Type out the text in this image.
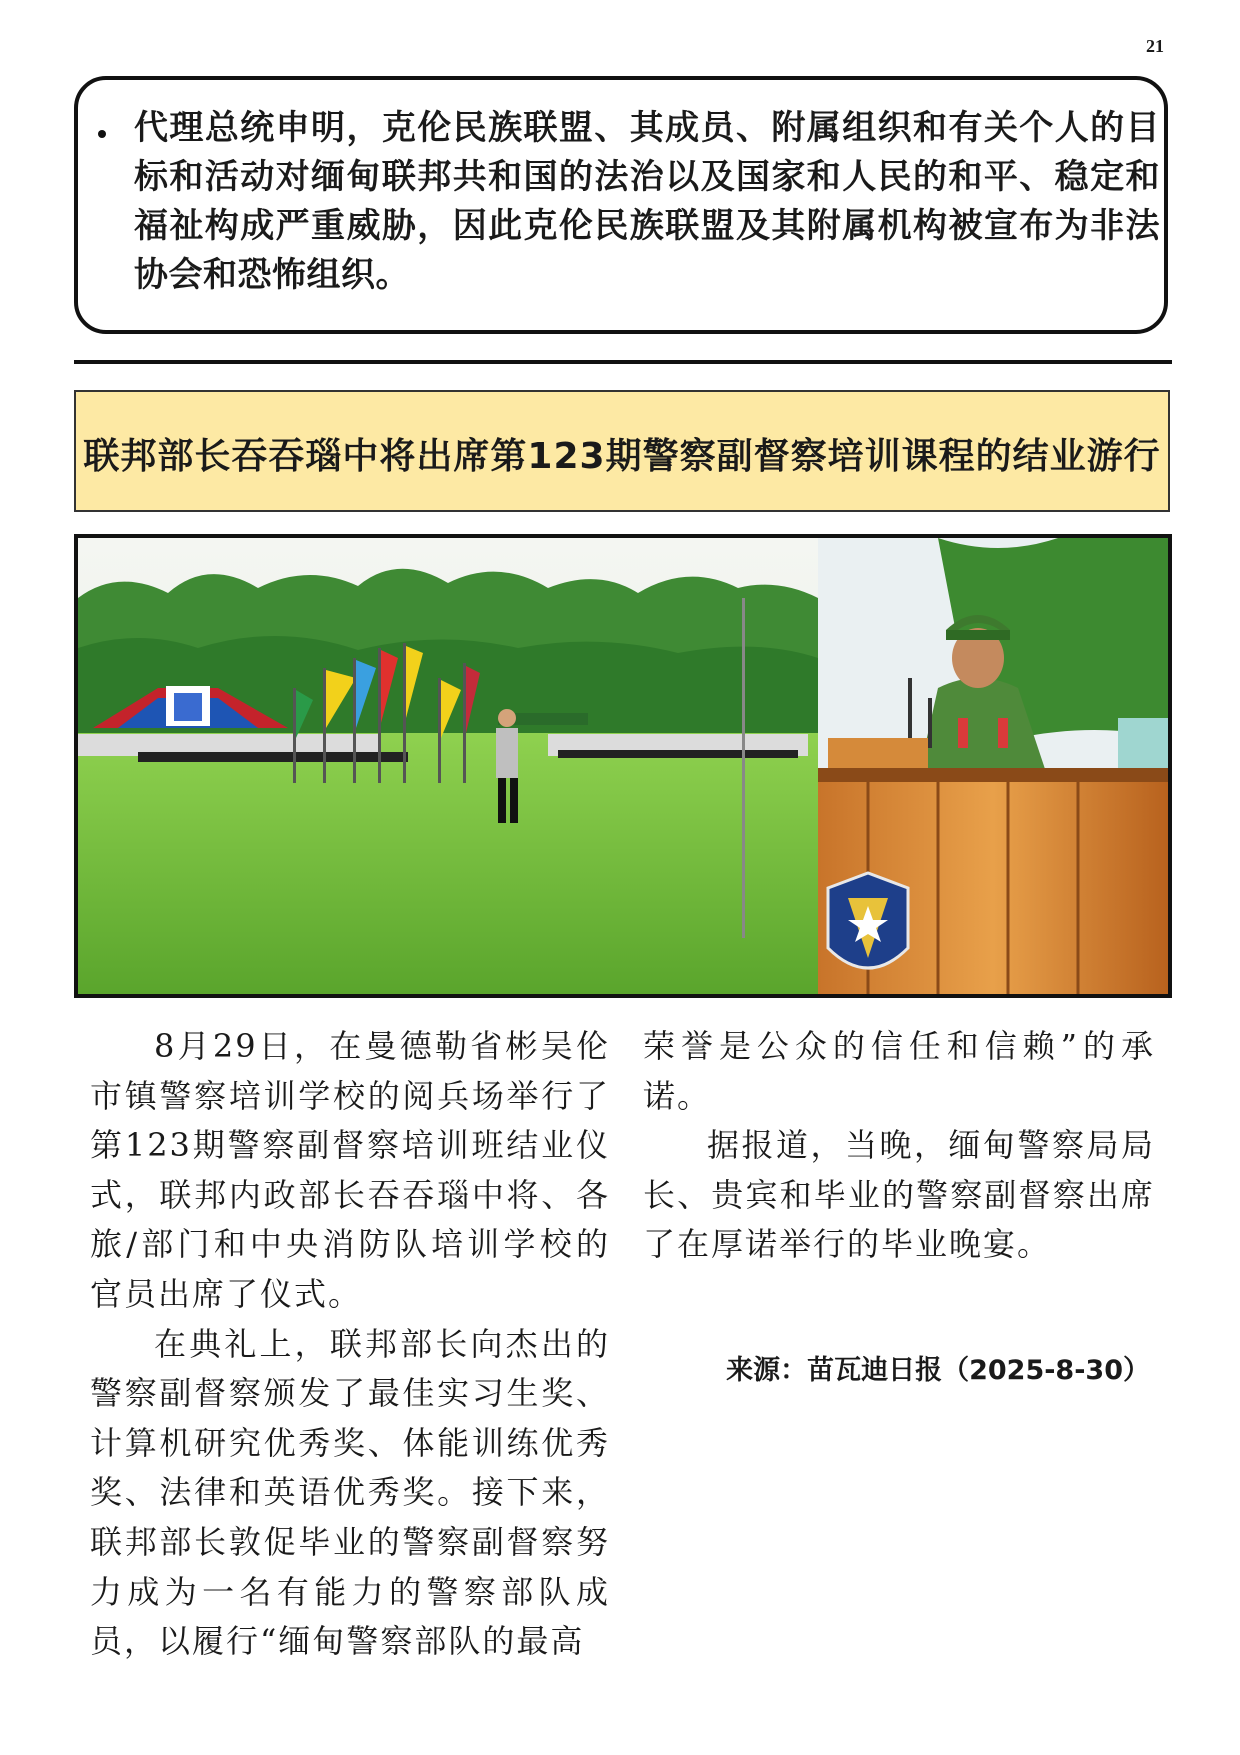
21
代理总统申明，克伦民族联盟、其成员、附属组织和有关个人的目标和活动对缅甸联邦共和国的法治以及国家和人民的和平、稳定和福祉构成严重威胁，因此克伦民族联盟及其附属机构被宣布为非法协会和恐怖组织。
联邦部长吞吞瑙中将出席第123期警察副督察培训课程的结业游行

8月29日，在曼德勒省彬吴伦市镇警察培训学校的阅兵场举行了第123期警察副督察培训班结业仪式，联邦内政部长吞吞瑙中将、各旅/部门和中央消防队培训学校的官员出席了仪式。

在典礼上，联邦部长向杰出的警察副督察颁发了最佳实习生奖、计算机研究优秀奖、体能训练优秀奖、法律和英语优秀奖。接下来，联邦部长敦促毕业的警察副督察努力成为一名有能力的警察部队成员，以履行“缅甸警察部队的最高

荣誉是公众的信任和信赖”的承诺。

据报道，当晚，缅甸警察局局长、贵宾和毕业的警察副督察出席了在厚诺举行的毕业晚宴。

来源：苗瓦迪日报（2025-8-30）
